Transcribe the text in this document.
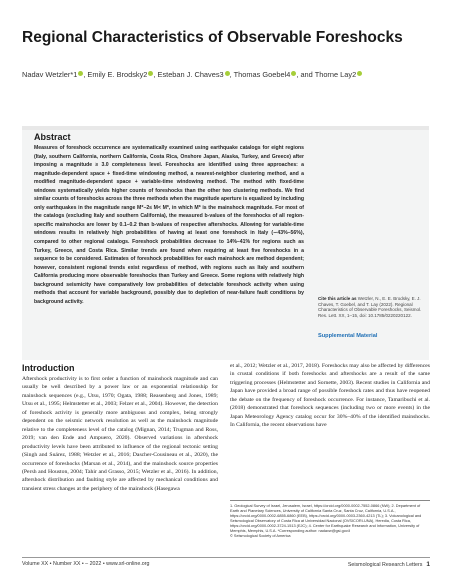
Regional Characteristics of Observable Foreshocks

Nadav Wetzler*1 , Emily E. Brodsky2 , Esteban J. Chaves3 , Thomas Goebel4 , and Thorne Lay2

Abstract

Measures of foreshock occurrence are systematically examined using earthquake catalogs for eight regions (Italy, southern California, northern California, Costa Rica, Onshore Japan, Alaska, Turkey, and Greece) after imposing a magnitude ≥ 3.0 completeness level. Foreshocks are identified using three approaches: a magnitude-dependent space + fixed-time windowing method, a nearest-neighbor clustering method, and a modified magnitude-dependent space + variable-time windowing method. The method with fixed-time windows systematically yields higher counts of foreshocks than the other two clustering methods. We find similar counts of foreshocks across the three methods when the magnitude aperture is equalized by including only earthquakes in the magnitude range M*−2≤ M< M*, in which M* is the mainshock magnitude. For most of the catalogs (excluding Italy and southern California), the measured b-values of the foreshocks of all region-specific mainshocks are lower by 0.1–0.2 than b-values of respective aftershocks. Allowing for variable-time windows results in relatively high probabilities of having at least one foreshock in Italy (∼43%–56%), compared to other regional catalogs. Foreshock probabilities decrease to 14%–41% for regions such as Turkey, Greece, and Costa Rica. Similar trends are found when requiring at least five foreshocks in a sequence to be considered. Estimates of foreshock probabilities for each mainshock are method dependent; however, consistent regional trends exist regardless of method, with regions such as Italy and southern California producing more observable foreshocks than Turkey and Greece. Some regions with relatively high background seismicity have comparatively low probabilities of detectable foreshock activity when using methods that account for variable background, possibly due to depletion of near-failure fault conditions by background activity.

Cite this article as Wetzler, N., E. E. Brodsky, E. J. Chaves, T. Goebel, and T. Lay (2022). Regional Characteristics of Observable Foreshocks, Seismol. Res. Lett. XX, 1–15, doi: 10.1785/0220220122.

Supplemental Material

Introduction

Aftershock productivity is to first order a function of mainshock magnitude and can usually be well described by a power law or an exponential relationship for mainshock sequences (e.g., Utsu, 1970; Ogata, 1988; Reasenberg and Jones, 1989; Utsu et al., 1995; Helmstetter et al., 2003; Felzer et al., 2004). However, the detection of foreshock activity is generally more ambiguous and complex, being strongly dependent on the seismic network resolution as well as the mainshock magnitude relative to the completeness level of the catalog (Mignan, 2014; Trugman and Ross, 2019; van den Ende and Ampuero, 2020). Observed variations in aftershock productivity levels have been attributed to influence of the regional tectonic setting (Singh and Suárez, 1988; Wetzler et al., 2016; Dascher-Cousineau et al., 2020), the occurrence of foreshocks (Marsan et al., 2014), and the mainshock source properties (Persh and Houston, 2004; Tahir and Grasso, 2015; Wetzler et al., 2016). In addition, aftershock distribution and faulting style are affected by mechanical conditions and transient stress changes at the periphery of the mainshock (Hasegawa

et al., 2012; Wetzler et al., 2017, 2018). Foreshocks may also be affected by differences in crustal conditions if both foreshocks and aftershocks are a result of the same triggering processes (Helmstetter and Sornette, 2003). Recent studies in California and Japan have provided a broad range of possible foreshock rates and thus have reopened the debate on the frequency of foreshock occurrence. For instance, Tamaribuchi et al. (2018) demonstrated that foreshock sequences (including two or more events) in the Japan Meteorology Agency catalog occur for 30%–40% of the identified mainshocks. In California, the recent observations have

1. Geological Survey of Israel, Jerusalem, Israel, https://orcid.org/0000-0002-7552-0866 (NW); 2. Department of Earth and Planetary Sciences, University of California Santa Cruz, Santa Cruz, California, U.S.A., https://orcid.org/0000-0002-6855-6860 (EEB), https://orcid.org/0000-0003-2360-4213 (TL); 3. Volcanological and Seismological Observatory of Costa Rica at Universidad Nacional (OVSICORI-UNA), Heredia, Costa Rica, https://orcid.org/0000-0002-3724-1513 (EJC); 4. Center for Earthquake Research and Information, University of Memphis, Memphis, U.S.A. *Corresponding author: nadavw@gsi.gov.il
© Seismological Society of America

Volume XX • Number XX • – 2022 • www.srl-online.org	Seismological Research Letters 1
